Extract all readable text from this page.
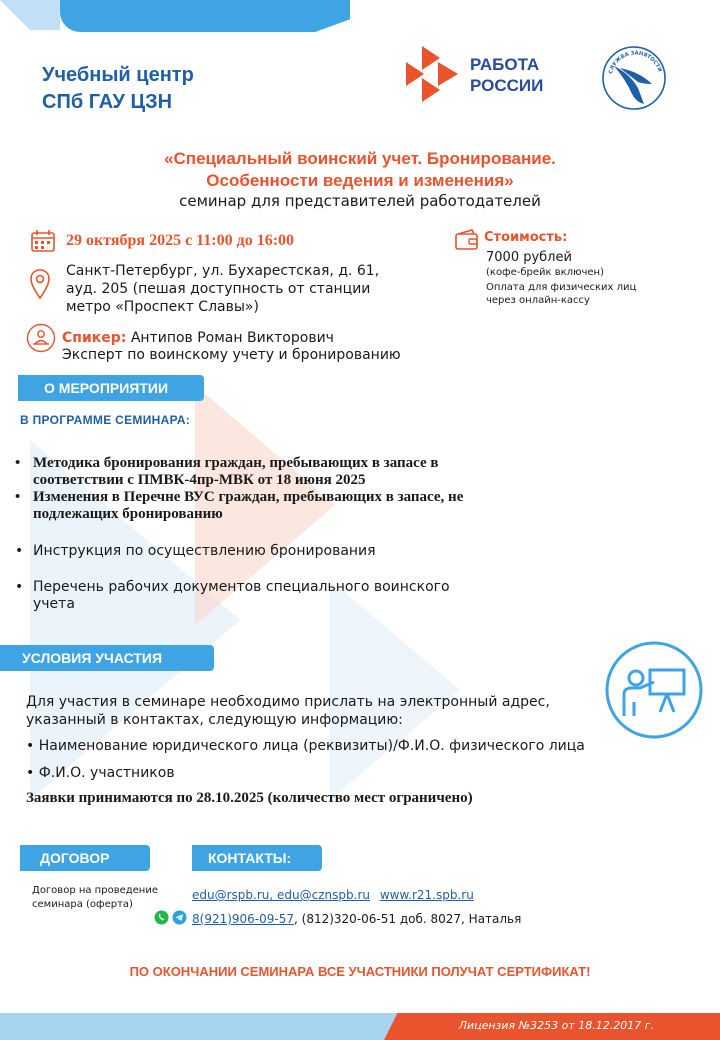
Учебный центр
СПб ГАУ ЦЗН
РАБОТА
РОССИИ
СЛУЖБА ЗАНЯТОСТИ
«Специальный воинский учет. Бронирование.
Особенности ведения и изменения»
семинар для представителей работодателей
29 октября 2025 с 11:00 до 16:00
Санкт-Петербург, ул. Бухарестская, д. 61,
ауд. 205 (пешая доступность от станции
метро «Проспект Славы»)
Стоимость:
7000 рублей
(кофе-брейк включен)
Оплата для физических лиц через онлайн-кассу
Спикер: Антипов Роман Викторович
Эксперт по воинскому учету и бронированию
О МЕРОПРИЯТИИ
В ПРОГРАММЕ СЕМИНАРА:
• Методика бронирования граждан, пребывающих в запасе в соответствии с ПМВК-4пр-МВК от 18 июня 2025
• Изменения в Перечне ВУС граждан, пребывающих в запасе, не подлежащих бронированию
• Инструкция по осуществлению бронирования
• Перечень рабочих документов специального воинского учета
УСЛОВИЯ УЧАСТИЯ
Для участия в семинаре необходимо прислать на электронный адрес, указанный в контактах, следующую информацию:
• Наименование юридического лица (реквизиты)/Ф.И.О. физического лица
• Ф.И.О. участников
Заявки принимаются по 28.10.2025 (количество мест ограничено)
ДОГОВОР	КОНТАКТЫ:
Договор на проведение
семинара (оферта)
edu@rspb.ru, edu@cznspb.ru www.r21.spb.ru
8(921)906-09-57, (812)320-06-51 доб. 8027, Наталья
ПО ОКОНЧАНИИ СЕМИНАРА ВСЕ УЧАСТНИКИ ПОЛУЧАТ СЕРТИФИКАТ!
Лицензия №3253 от 18.12.2017 г.
